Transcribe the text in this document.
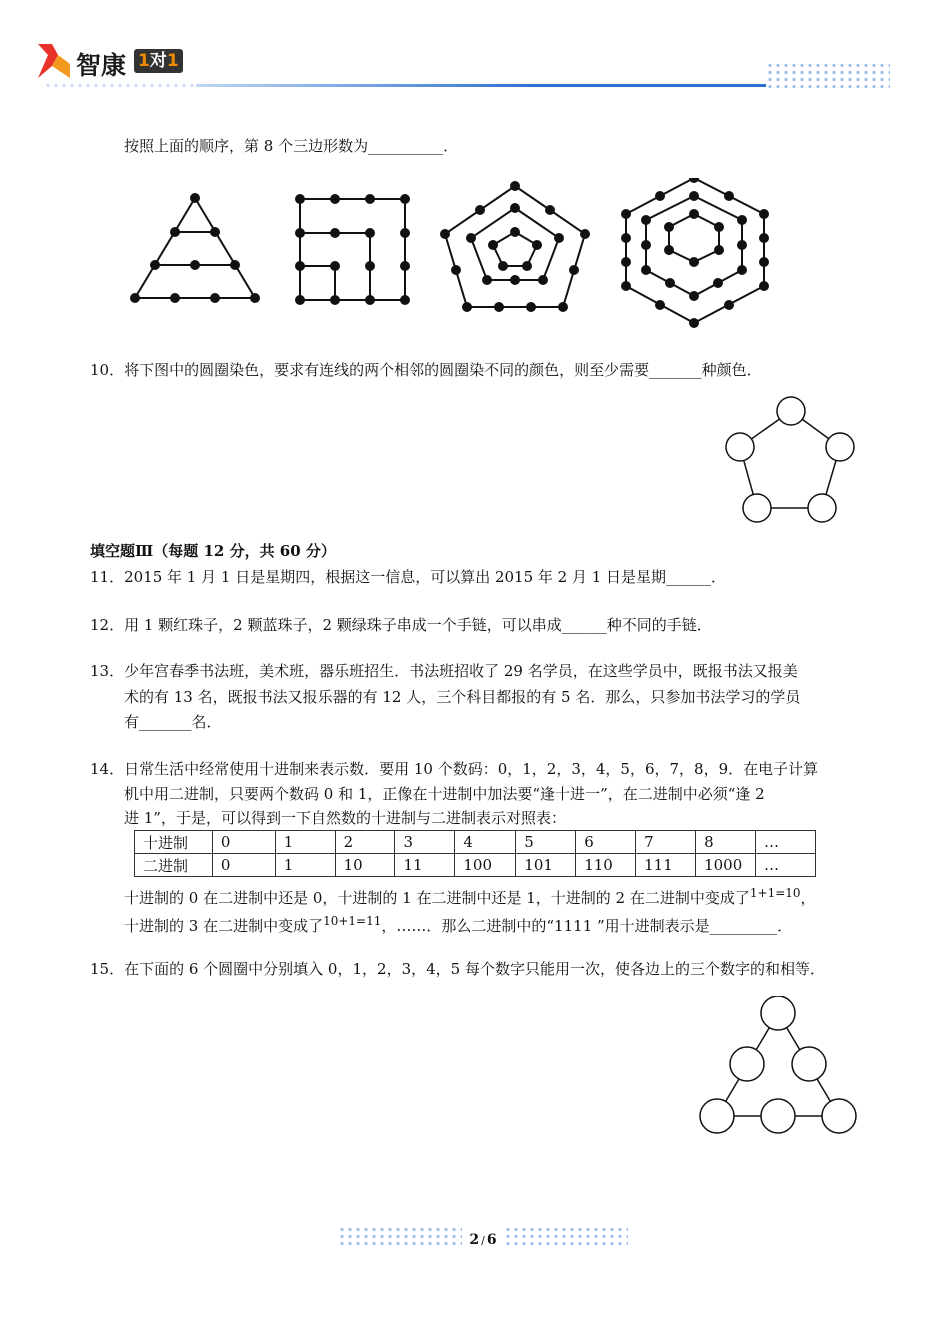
智康 1对1
按照上面的顺序，第 8 个三边形数为__________．
10．将下图中的圆圈染色，要求有连线的两个相邻的圆圈染不同的颜色，则至少需要_______种颜色．
填空题Ⅲ（每题 12 分，共 60 分）
11．2015 年 1 月 1 日是星期四，根据这一信息，可以算出 2015 年 2 月 1 日是星期______．
12．用 1 颗红珠子，2 颗蓝珠子，2 颗绿珠子串成一个手链，可以串成______种不同的手链．
13．少年宫春季书法班，美术班，器乐班招生．书法班招收了 29 名学员，在这些学员中，既报书法又报美
术的有 13 名，既报书法又报乐器的有 12 人，三个科目都报的有 5 名．那么，只参加书法学习的学员
有_______名．
14．日常生活中经常使用十进制来表示数．要用 10 个数码：0，1，2，3，4，5，6，7，8，9．在电子计算
机中用二进制，只要两个数码 0 和 1，正像在十进制中加法要“逢十进一”，在二进制中必须“逢 2
进 1”，于是，可以得到一下自然数的十进制与二进制表示对照表：
十进制	0	1	2	3	4	5	6	7	8	…
二进制	0	1	10	11	100	101	110	111	1000	…
十进制的 0 在二进制中还是 0，十进制的 1 在二进制中还是 1，十进制的 2 在二进制中变成了$^{1+1=10}$，
十进制的 3 在二进制中变成了$^{10+1=11}$，……．那么二进制中的“1111 ”用十进制表示是_________．
15．在下面的 6 个圆圈中分别填入 0，1，2，3，4，5 每个数字只能用一次，使各边上的三个数字的和相等．
2 / 6
